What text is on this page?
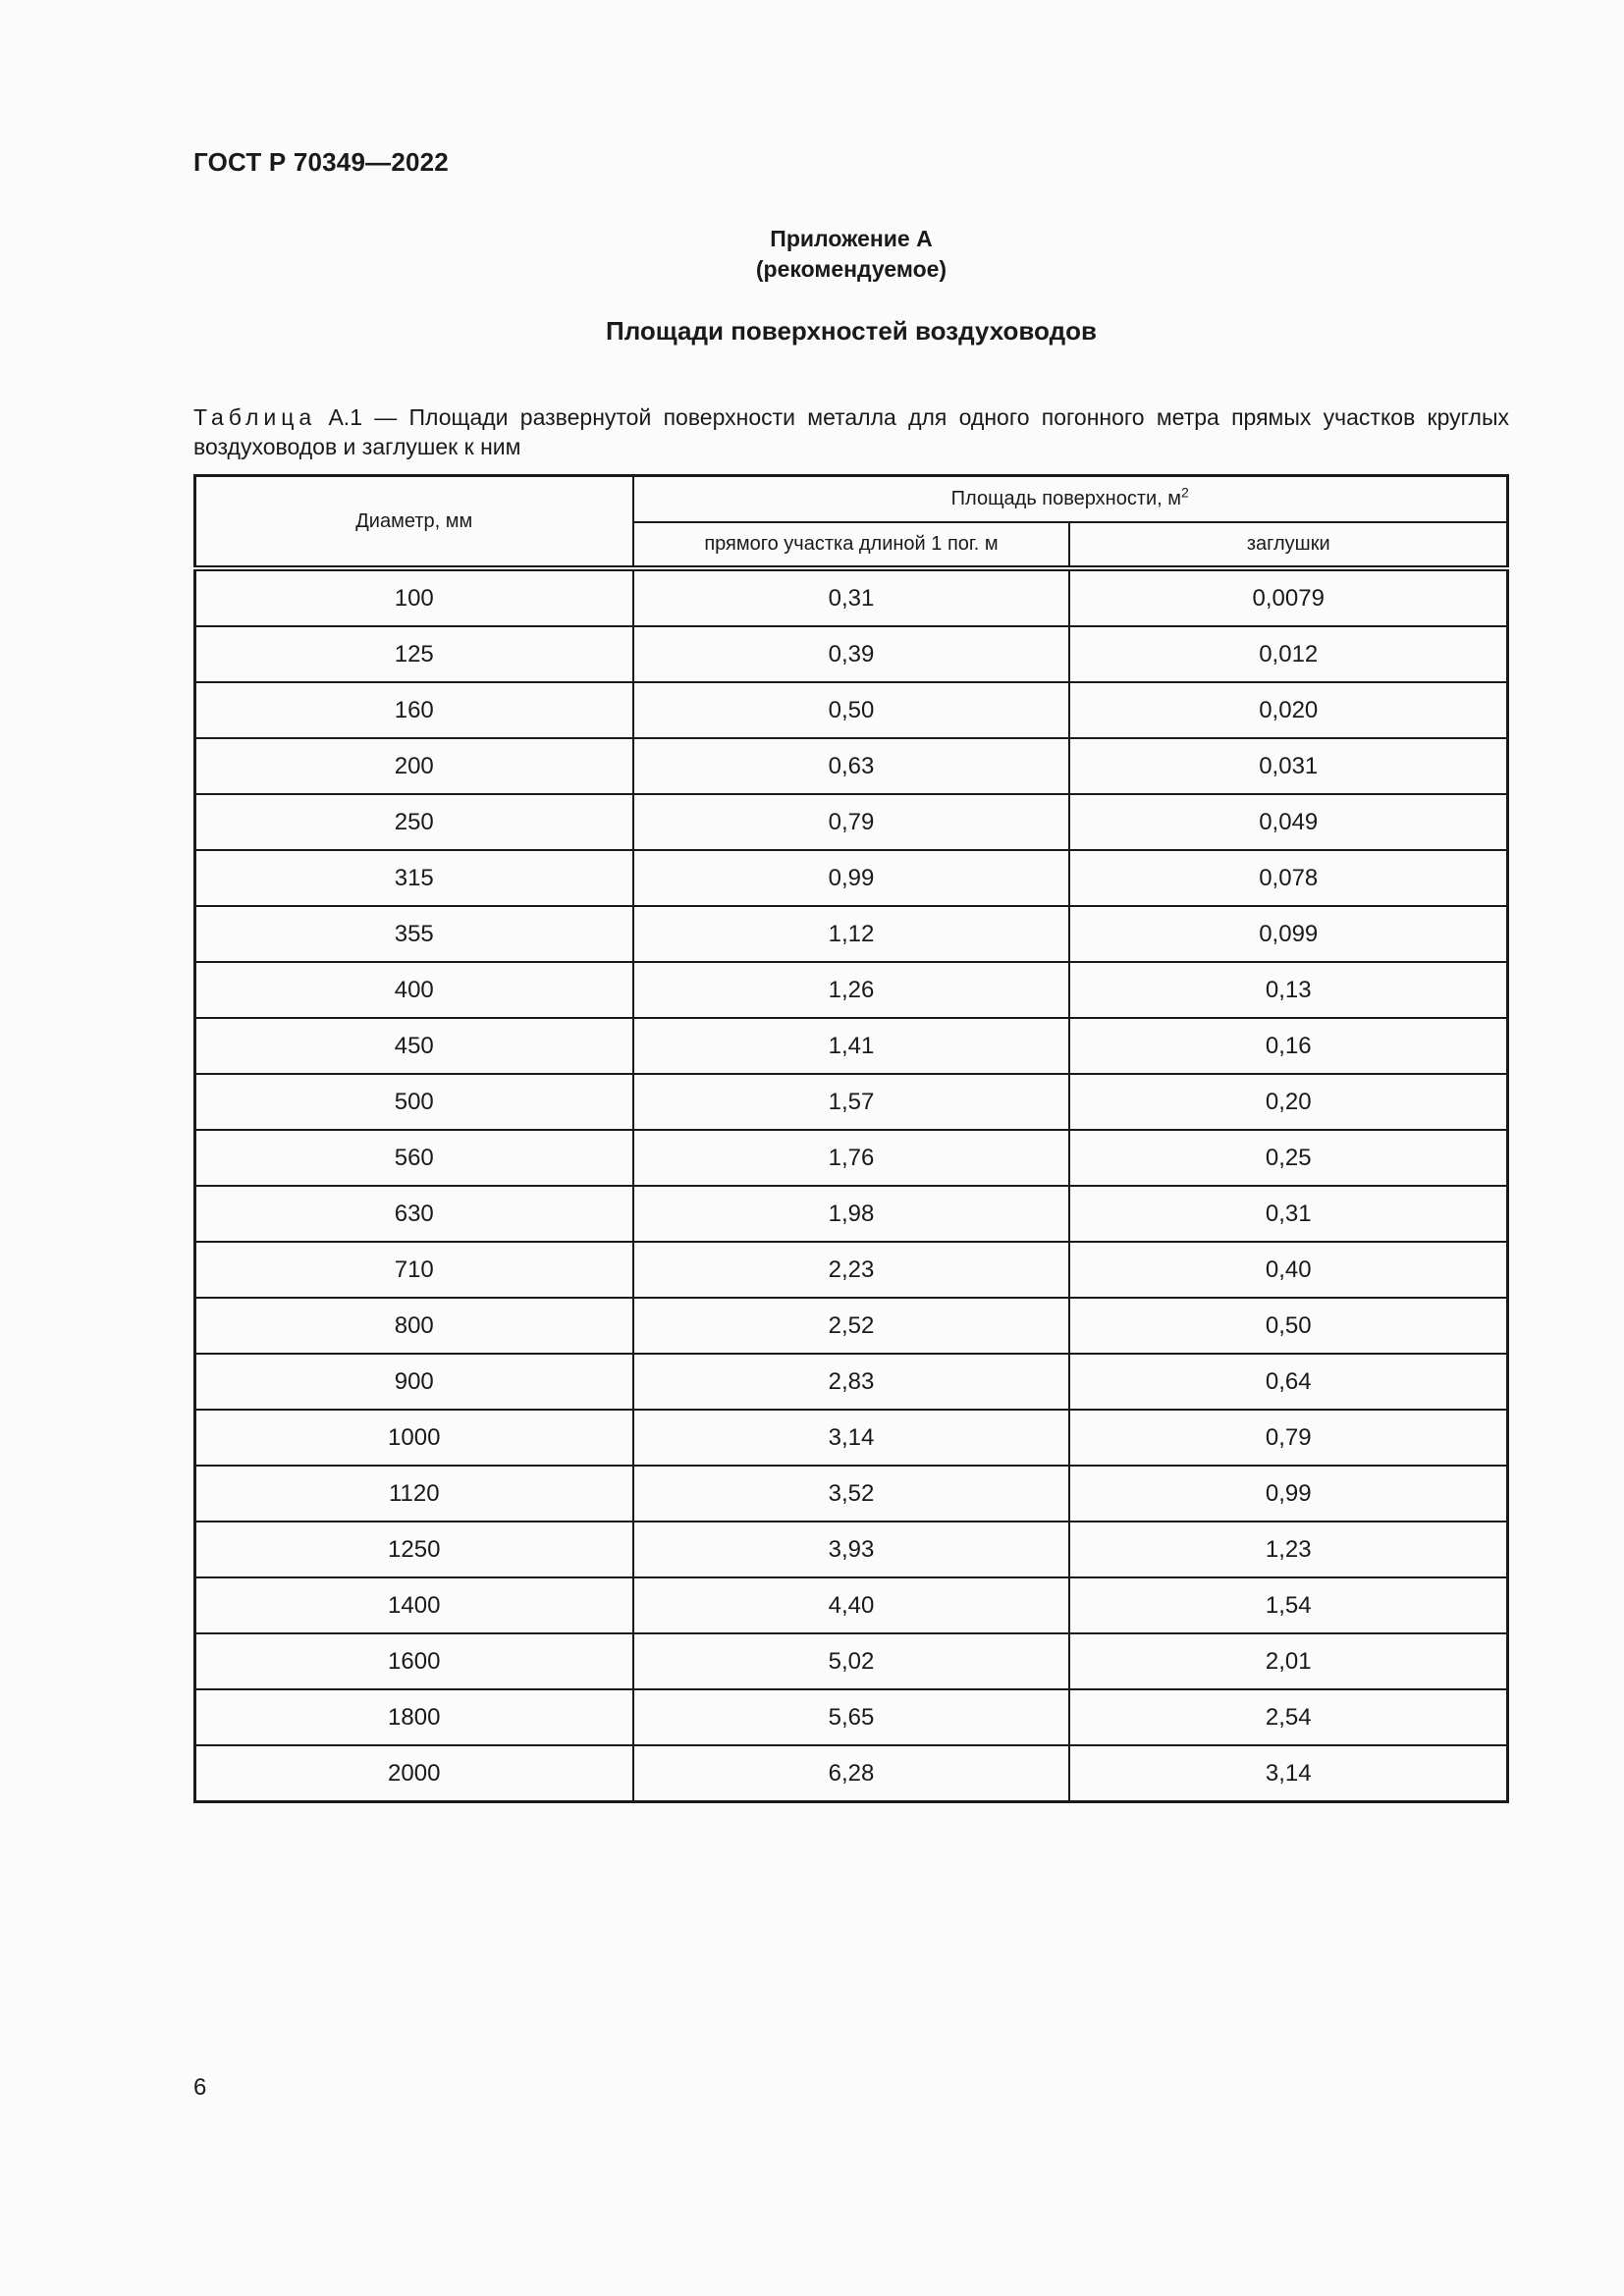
ГОСТ Р 70349—2022
Приложение А
(рекомендуемое)
Площади поверхностей воздуховодов
Таблица А.1 — Площади развернутой поверхности металла для одного погонного метра прямых участков круглых воздуховодов и заглушек к ним
Диаметр, мм	Площадь поверхности, $м^2$
	прямого участка длиной 1 пог. м	заглушки
100	0,31	0,0079
125	0,39	0,012
160	0,50	0,020
200	0,63	0,031
250	0,79	0,049
315	0,99	0,078
355	1,12	0,099
400	1,26	0,13
450	1,41	0,16
500	1,57	0,20
560	1,76	0,25
630	1,98	0,31
710	2,23	0,40
800	2,52	0,50
900	2,83	0,64
1000	3,14	0,79
1120	3,52	0,99
1250	3,93	1,23
1400	4,40	1,54
1600	5,02	2,01
1800	5,65	2,54
2000	6,28	3,14
6
